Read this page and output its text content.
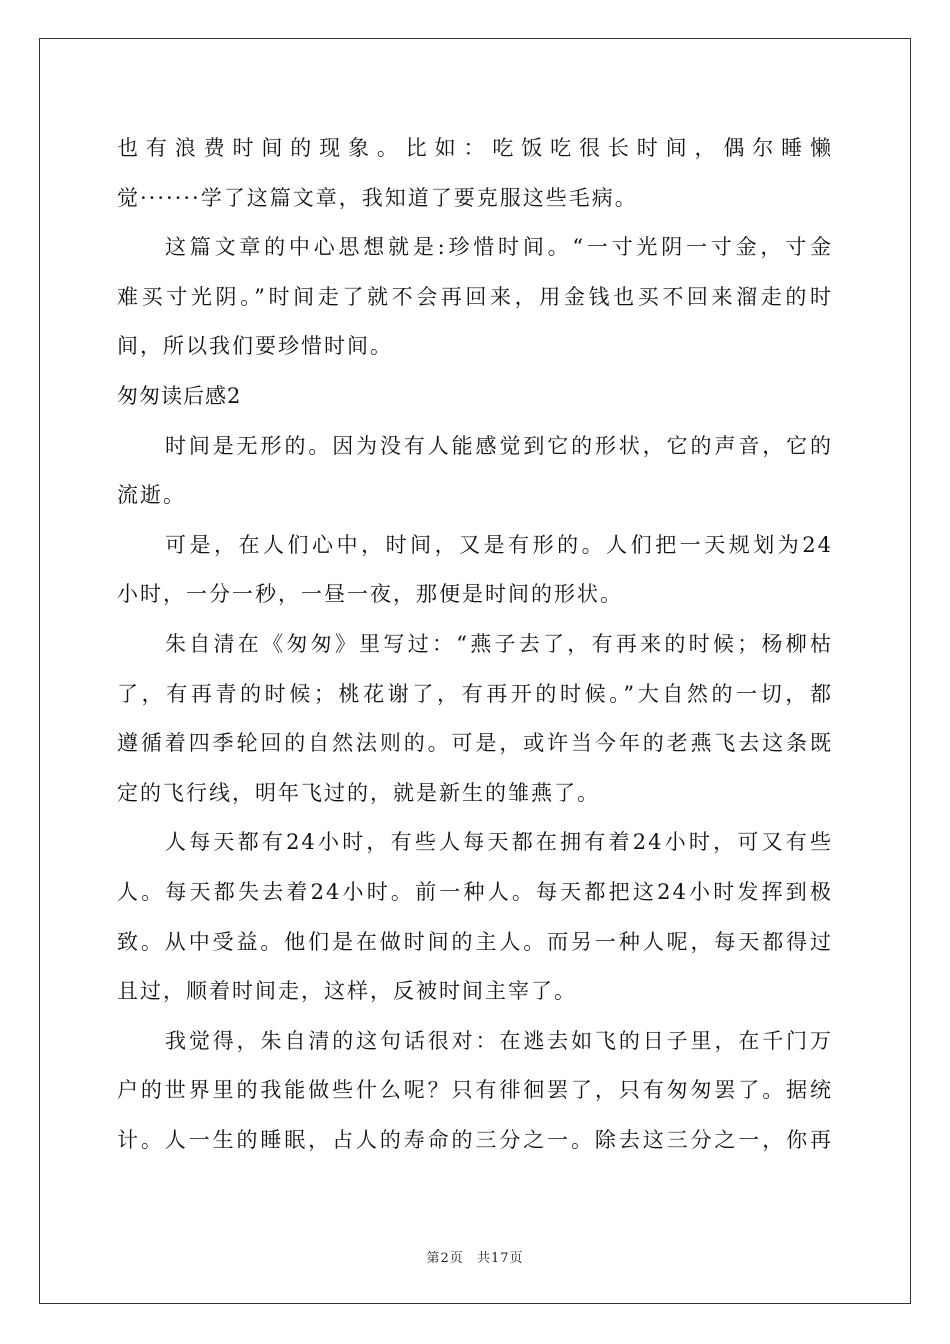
也有浪费时间的现象。比如：吃饭吃很长时间，偶尔睡懒
觉·······学了这篇文章，我知道了要克服这些毛病。
这篇文章的中心思想就是:珍惜时间。“一寸光阴一寸金，寸金
难买寸光阴。”时间走了就不会再回来，用金钱也买不回来溜走的时
间，所以我们要珍惜时间。
匆匆读后感2
时间是无形的。因为没有人能感觉到它的形状，它的声音，它的
流逝。
可是，在人们心中，时间，又是有形的。人们把一天规划为24
小时，一分一秒，一昼一夜，那便是时间的形状。
朱自清在《匆匆》里写过：“燕子去了，有再来的时候；杨柳枯
了，有再青的时候；桃花谢了，有再开的时候。”大自然的一切，都
遵循着四季轮回的自然法则的。可是，或许当今年的老燕飞去这条既
定的飞行线，明年飞过的，就是新生的雏燕了。
人每天都有24小时，有些人每天都在拥有着24小时，可又有些
人。每天都失去着24小时。前一种人。每天都把这24小时发挥到极
致。从中受益。他们是在做时间的主人。而另一种人呢，每天都得过
且过，顺着时间走，这样，反被时间主宰了。
我觉得，朱自清的这句话很对：在逃去如飞的日子里，在千门万
户的世界里的我能做些什么呢？只有徘徊罢了，只有匆匆罢了。据统
计。人一生的睡眠，占人的寿命的三分之一。除去这三分之一，你再
第2页 共17页
